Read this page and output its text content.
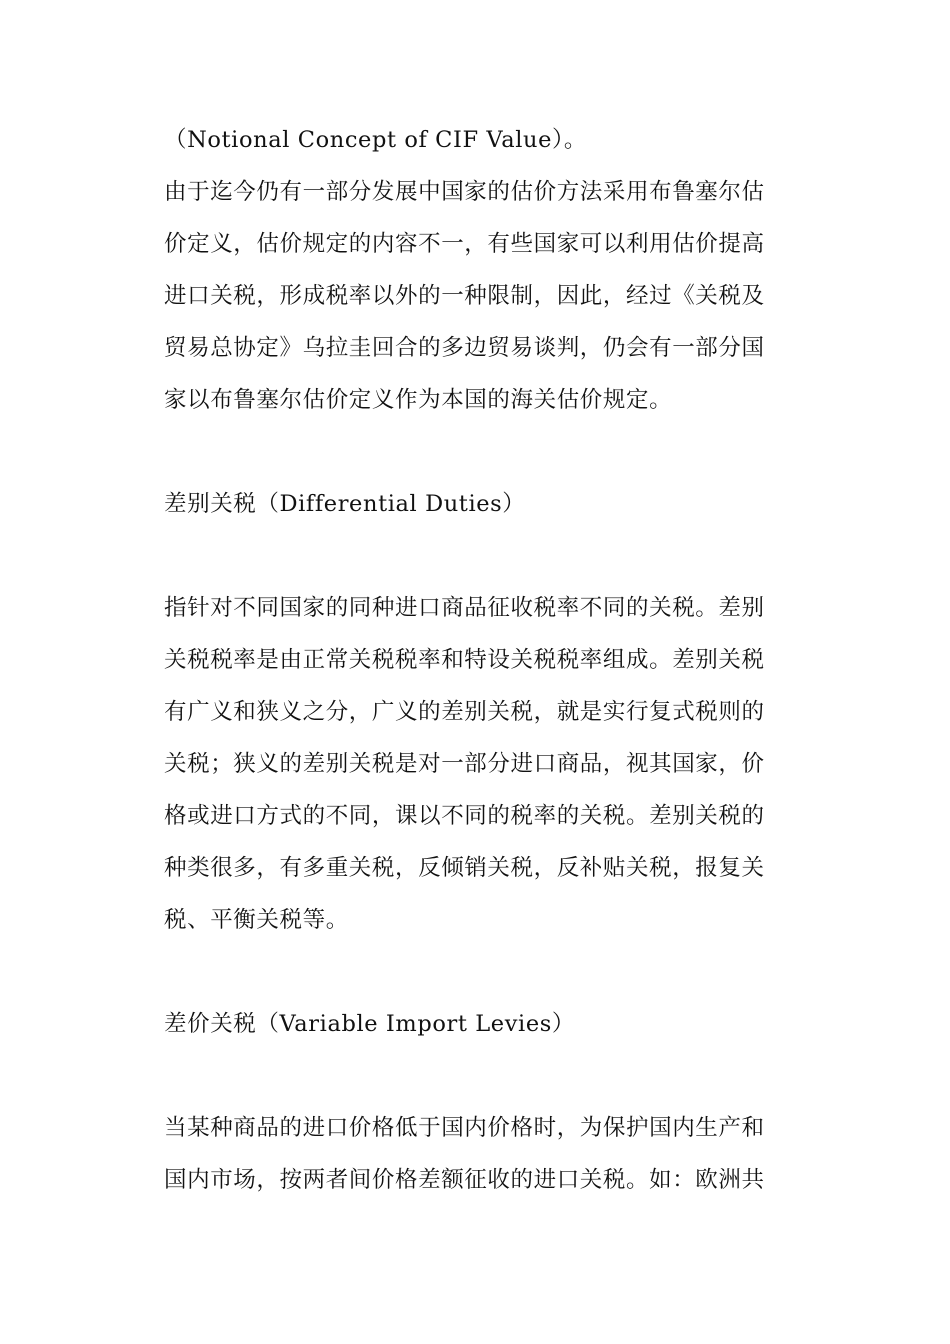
（Notional Concept of CIF Value）。
由于迄今仍有一部分发展中国家的估价方法采用布鲁塞尔估
价定义，估价规定的内容不一，有些国家可以利用估价提高
进口关税，形成税率以外的一种限制，因此，经过《关税及
贸易总协定》乌拉圭回合的多边贸易谈判，仍会有一部分国
家以布鲁塞尔估价定义作为本国的海关估价规定。
差别关税（Differential Duties）
指针对不同国家的同种进口商品征收税率不同的关税。差别
关税税率是由正常关税税率和特设关税税率组成。差别关税
有广义和狭义之分，广义的差别关税，就是实行复式税则的
关税；狭义的差别关税是对一部分进口商品，视其国家，价
格或进口方式的不同，课以不同的税率的关税。差别关税的
种类很多，有多重关税，反倾销关税，反补贴关税，报复关
税、平衡关税等。
差价关税（Variable Import Levies）
当某种商品的进口价格低于国内价格时，为保护国内生产和
国内市场，按两者间价格差额征收的进口关税。如：欧洲共
